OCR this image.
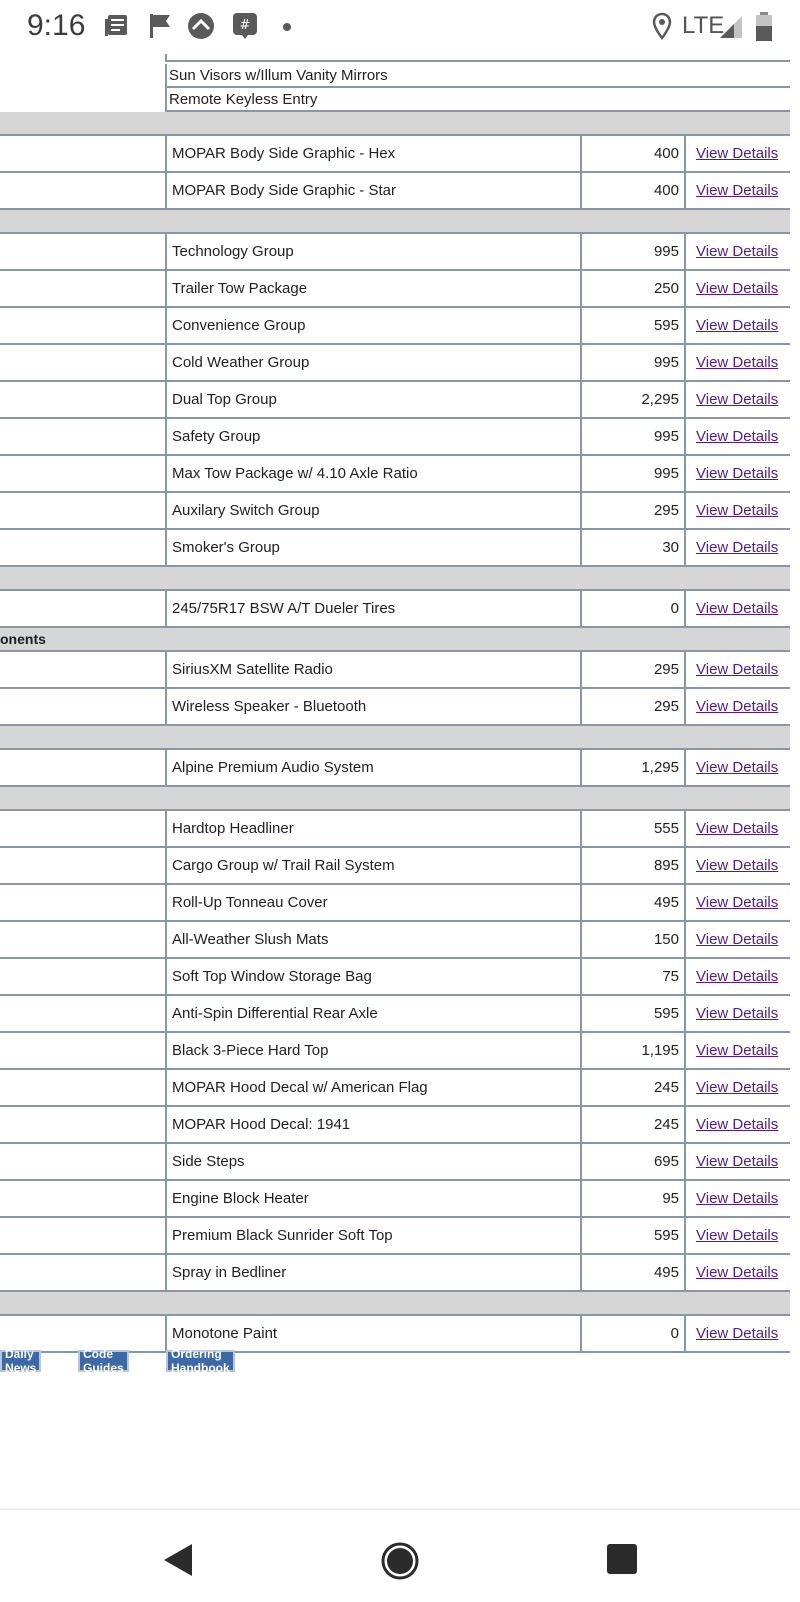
Sun Visors w/Illum Vanity Mirrors
Remote Keyless Entry
MOPAR Body Side Graphic - Hex	400	View Details
MOPAR Body Side Graphic - Star	400	View Details
Technology Group	995	View Details
Trailer Tow Package	250	View Details
Convenience Group	595	View Details
Cold Weather Group	995	View Details
Dual Top Group	2,295	View Details
Safety Group	995	View Details
Max Tow Package w/ 4.10 Axle Ratio	995	View Details
Auxilary Switch Group	295	View Details
Smoker's Group	30	View Details
245/75R17 BSW A/T Dueler Tires	0	View Details
onents
SiriusXM Satellite Radio	295	View Details
Wireless Speaker - Bluetooth	295	View Details
Alpine Premium Audio System	1,295	View Details
Hardtop Headliner	555	View Details
Cargo Group w/ Trail Rail System	895	View Details
Roll-Up Tonneau Cover	495	View Details
All-Weather Slush Mats	150	View Details
Soft Top Window Storage Bag	75	View Details
Anti-Spin Differential Rear Axle	595	View Details
Black 3-Piece Hard Top	1,195	View Details
MOPAR Hood Decal w/ American Flag	245	View Details
MOPAR Hood Decal: 1941	245	View Details
Side Steps	695	View Details
Engine Block Heater	95	View Details
Premium Black Sunrider Soft Top	595	View Details
Spray in Bedliner	495	View Details
Monotone Paint	0	View Details
Daily News
Code Guides
Ordering Handbook
9:16	#	LTE
